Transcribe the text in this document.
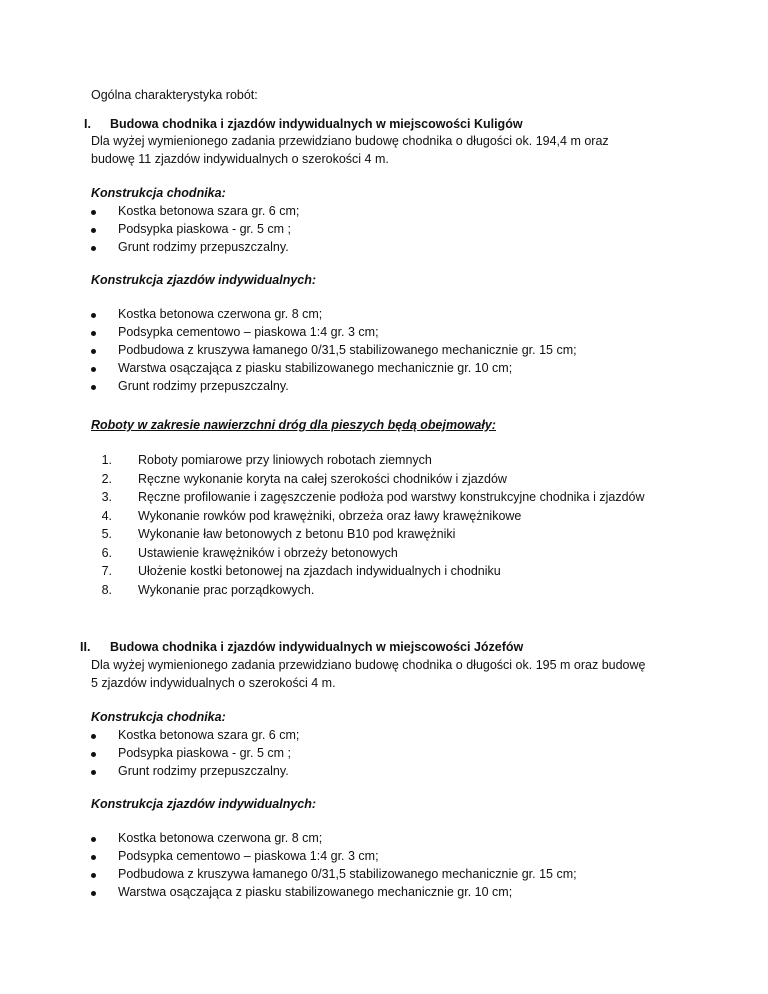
Ogólna charakterystyka robót:
I. Budowa chodnika i zjazdów indywidualnych w miejscowości Kuligów
Dla wyżej wymienionego zadania przewidziano budowę chodnika o długości ok. 194,4 m oraz
budowę 11 zjazdów indywidualnych o szerokości 4 m.
Konstrukcja chodnika:
Kostka betonowa szara gr. 6 cm;
Podsypka piaskowa - gr. 5 cm ;
Grunt rodzimy przepuszczalny.
Konstrukcja zjazdów indywidualnych:
Kostka betonowa czerwona gr. 8 cm;
Podsypka cementowo – piaskowa 1:4 gr. 3 cm;
Podbudowa z kruszywa łamanego 0/31,5 stabilizowanego mechanicznie gr. 15 cm;
Warstwa osączająca z piasku stabilizowanego mechanicznie gr. 10 cm;
Grunt rodzimy przepuszczalny.
Roboty w zakresie nawierzchni dróg dla pieszych będą obejmowały:
1. Roboty pomiarowe przy liniowych robotach ziemnych
2. Ręczne wykonanie koryta na całej szerokości chodników i zjazdów
3. Ręczne profilowanie i zagęszczenie podłoża pod warstwy konstrukcyjne chodnika i zjazdów
4. Wykonanie rowków pod krawężniki, obrzeża oraz ławy krawężnikowe
5. Wykonanie ław betonowych z betonu B10 pod krawężniki
6. Ustawienie krawężników i obrzeży betonowych
7. Ułożenie kostki betonowej na zjazdach indywidualnych i chodniku
8. Wykonanie prac porządkowych.
II. Budowa chodnika i zjazdów indywidualnych w miejscowości Józefów
Dla wyżej wymienionego zadania przewidziano budowę chodnika o długości ok. 195 m oraz budowę
5 zjazdów indywidualnych o szerokości 4 m.
Konstrukcja chodnika:
Kostka betonowa szara gr. 6 cm;
Podsypka piaskowa - gr. 5 cm ;
Grunt rodzimy przepuszczalny.
Konstrukcja zjazdów indywidualnych:
Kostka betonowa czerwona gr. 8 cm;
Podsypka cementowo – piaskowa 1:4 gr. 3 cm;
Podbudowa z kruszywa łamanego 0/31,5 stabilizowanego mechanicznie gr. 15 cm;
Warstwa osączająca z piasku stabilizowanego mechanicznie gr. 10 cm;
